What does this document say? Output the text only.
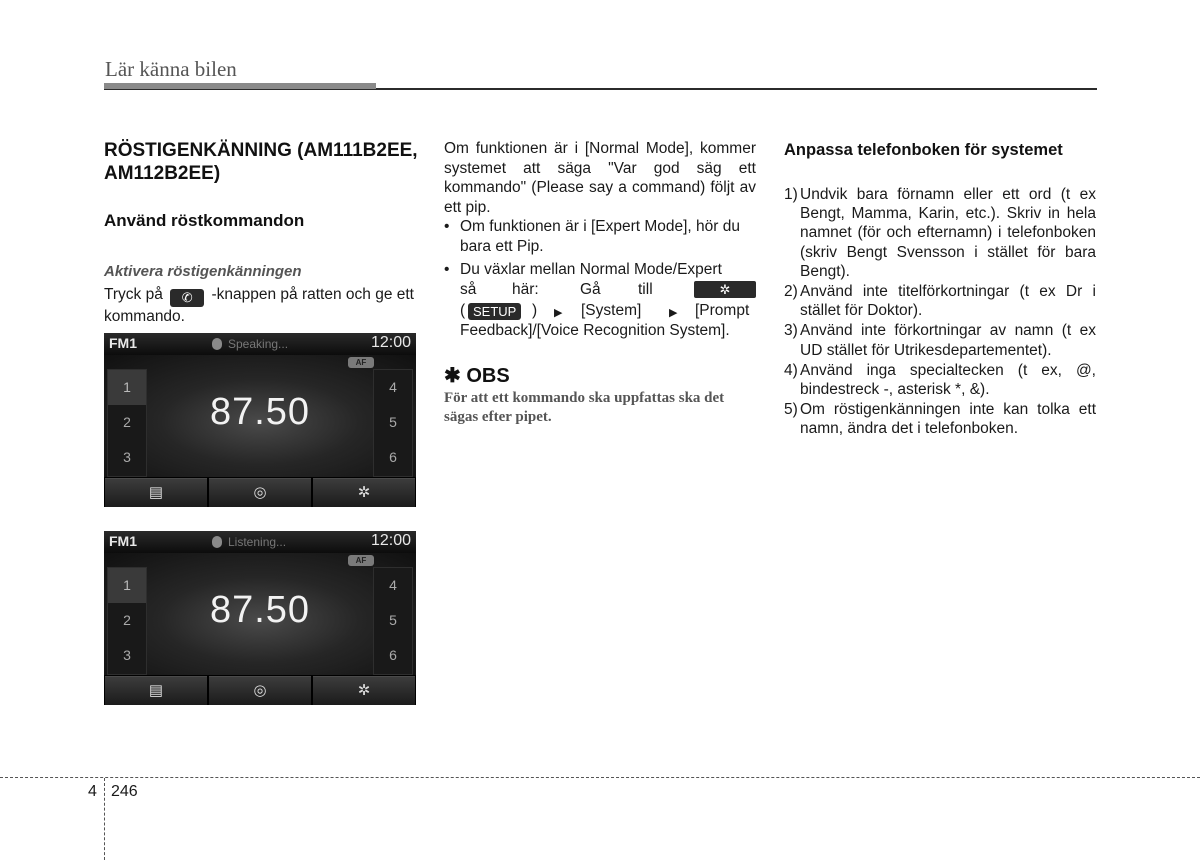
Lär känna bilen
RÖSTIGENKÄNNING (AM111B2EE, AM112B2EE)
Använd röstkommandon
Aktivera röstigenkänningen
Tryck på ✆ -knappen på ratten och ge ett kommando.
FM1	Speaking...	12:00
AF
1
2
3
4
5
6
87.50
▤	◎	✲
FM1	Listening...	12:00
AF
1
2
3
4
5
6
87.50
▤	◎	✲
Om funktionen är i [Normal Mode], kommer systemet att säga "Var god säg ett kommando" (Please say a command) följt av ett pip.
• Om funktionen är i [Expert Mode], hör du bara ett Pip.
• Du växlar mellan Normal Mode/Expert
så här:	Gå till	✲
( SETUP	) ▶ [System]	▶ [Prompt
Feedback]/[Voice Recognition System].
✱ OBS
För att ett kommando ska uppfattas ska det sägas efter pipet.
Anpassa telefonboken för systemet
1) Undvik bara förnamn eller ett ord (t ex Bengt, Mamma, Karin, etc.). Skriv in hela namnet (för och efternamn) i telefonboken (skriv Bengt Svensson i stället för bara Bengt).
2) Använd inte titelförkortningar (t ex Dr i stället för Doktor).
3) Använd inte förkortningar av namn (t ex UD stället för Utrikesdepartementet).
4) Använd inga specialtecken (t ex, @, bindestreck -, asterisk *, &).
5) Om röstigenkänningen inte kan tolka ett namn, ändra det i telefonboken.
4 246
